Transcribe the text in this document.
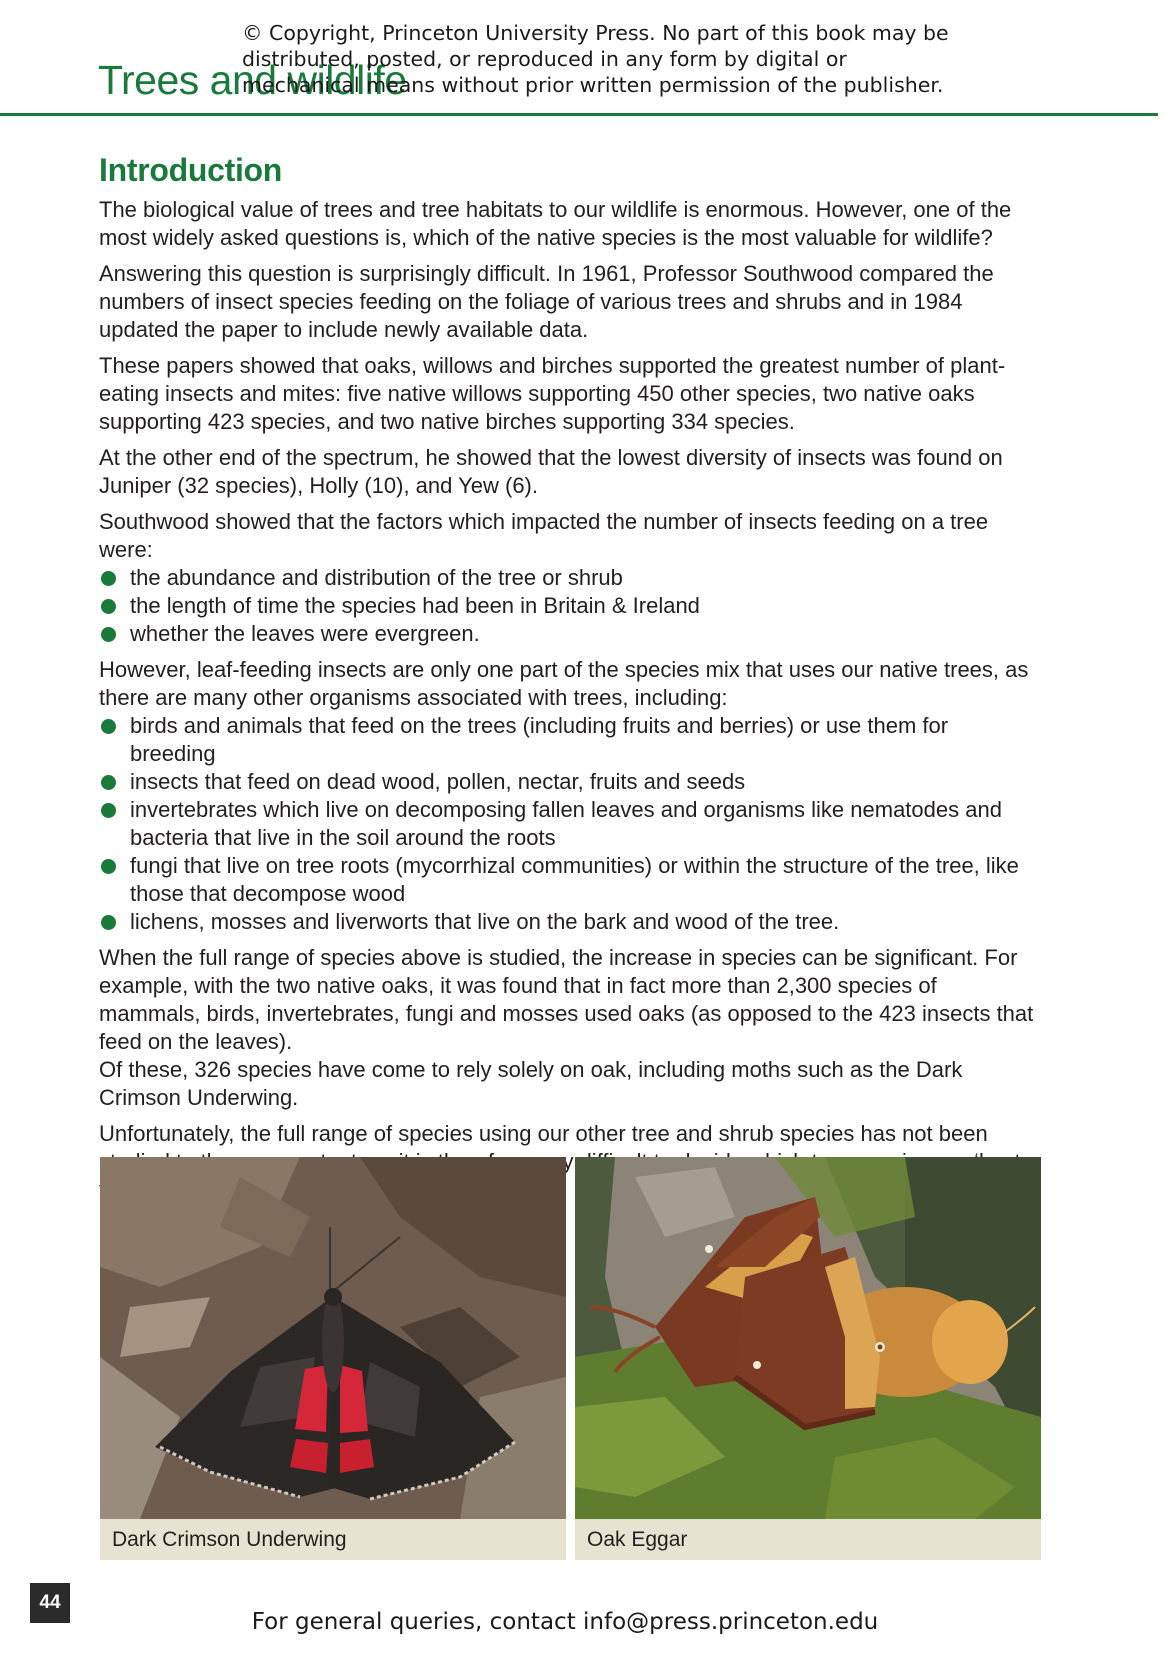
© Copyright, Princeton University Press. No part of this book may be distributed, posted, or reproduced in any form by digital or mechanical means without prior written permission of the publisher.
Trees and wildlife
Introduction

The biological value of trees and tree habitats to our wildlife is enormous. However, one of the most widely asked questions is, which of the native species is the most valuable for wildlife?

Answering this question is surprisingly difficult. In 1961, Professor Southwood compared the numbers of insect species feeding on the foliage of various trees and shrubs and in 1984 updated the paper to include newly available data.

These papers showed that oaks, willows and birches supported the greatest number of plant-eating insects and mites: five native willows supporting 450 other species, two native oaks supporting 423 species, and two native birches supporting 334 species.

At the other end of the spectrum, he showed that the lowest diversity of insects was found on Juniper (32 species), Holly (10), and Yew (6).

Southwood showed that the factors which impacted the number of insects feeding on a tree were:

the abundance and distribution of the tree or shrub
the length of time the species had been in Britain & Ireland
whether the leaves were evergreen.

However, leaf-feeding insects are only one part of the species mix that uses our native trees, as there are many other organisms associated with trees, including:

birds and animals that feed on the trees (including fruits and berries) or use them for breeding
insects that feed on dead wood, pollen, nectar, fruits and seeds
invertebrates which live on decomposing fallen leaves and organisms like nematodes and bacteria that live in the soil around the roots
fungi that live on tree roots (mycorrhizal communities) or within the structure of the tree, like those that decompose wood
lichens, mosses and liverworts that live on the bark and wood of the tree.

When the full range of species above is studied, the increase in species can be significant. For example, with the two native oaks, it was found that in fact more than 2,300 species of mammals, birds, invertebrates, fungi and mosses used oaks (as opposed to the 423 insects that feed on the leaves).

Of these, 326 species have come to rely solely on oak, including moths such as the Dark Crimson Underwing.

Unfortunately, the full range of species using our other tree and shrub species has not been

Dark Crimson Underwing	Oak Eggar
44
For general queries, contact info@press.princeton.edu
